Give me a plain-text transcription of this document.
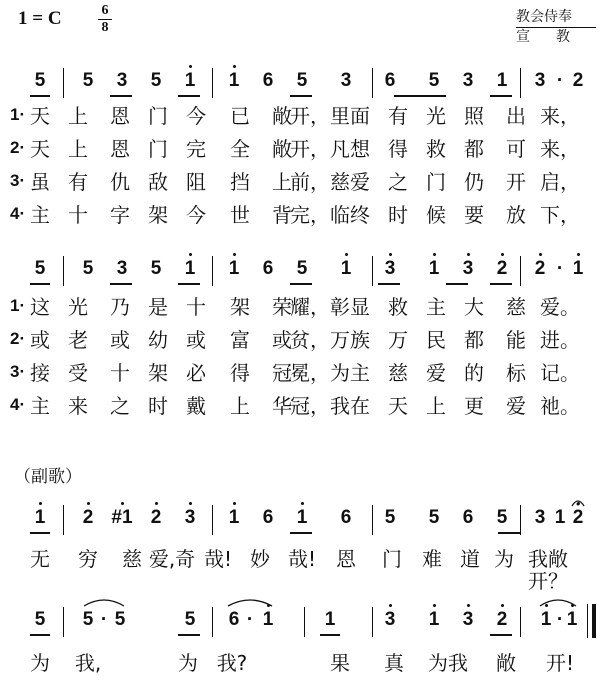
1 = C	6
8
教会侍奉
宣教
5 5 3 5 1 1 6 5 3 6 5 3 1 3 · 2
1· 天 上 恩 门 今 已 敞
开，里 面 有 光 照 出 来，
2· 天 上 恩 门 完 全 敞
开，凡 想 得 救 都 可 来，
3· 虽 有 仇 敌 阻 挡 上
前，慈 爱 之 门 仍 开 启，
4· 主 十 字 架 今 世 背
完，临 终 时 候 要 放 下，
5 5 3 5 1 1 6 5 1 3 1 3 2 2 · 1
1· 这 光 乃 是 十 架 荣
耀，彰 显 救 主 大 慈 爱。
2· 或 老 或 幼 或 富 或
贫，万 族 万 民 都 能 进。
3· 接 受 十 架 必 得 冠
冕，为 主 慈 爱 的 标 记。
4· 主 来 之 时 戴 上 华
冠，我 在 天 上 更 爱 祂。
1 2 #1 2 3 1 6 1 6 5 5 6 5 3 1 2
无 穷 慈 爱,奇 哉! 妙 哉! 恩 门 难 道 为 我敞开？
5 5 · 5	5 6 · 1	1	3 1 3 2 1 · 1
为 我,	为 我?	果 真 为我 敞 开!
（副歌）
